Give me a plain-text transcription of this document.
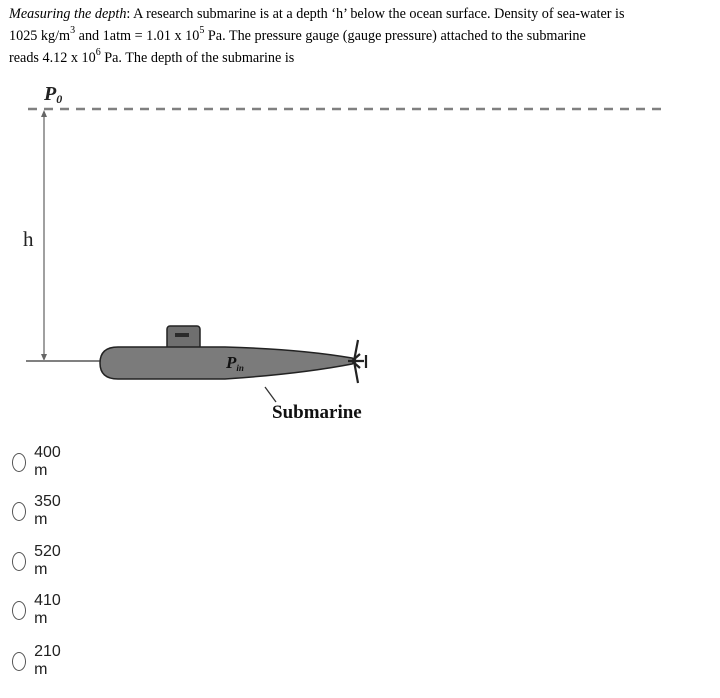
Measuring the depth: A research submarine is at a depth ‘h’ below the ocean surface. Density of sea-water is
1025 $kg/m^3$ and 1atm = 1.01 x $10^5$ Pa. The pressure gauge (gauge pressure) attached to the submarine
reads 4.12 x $10^6$ Pa. The depth of the submarine is
P0
h
Pin
Submarine
400 m
350 m
520 m
410 m
210 m
